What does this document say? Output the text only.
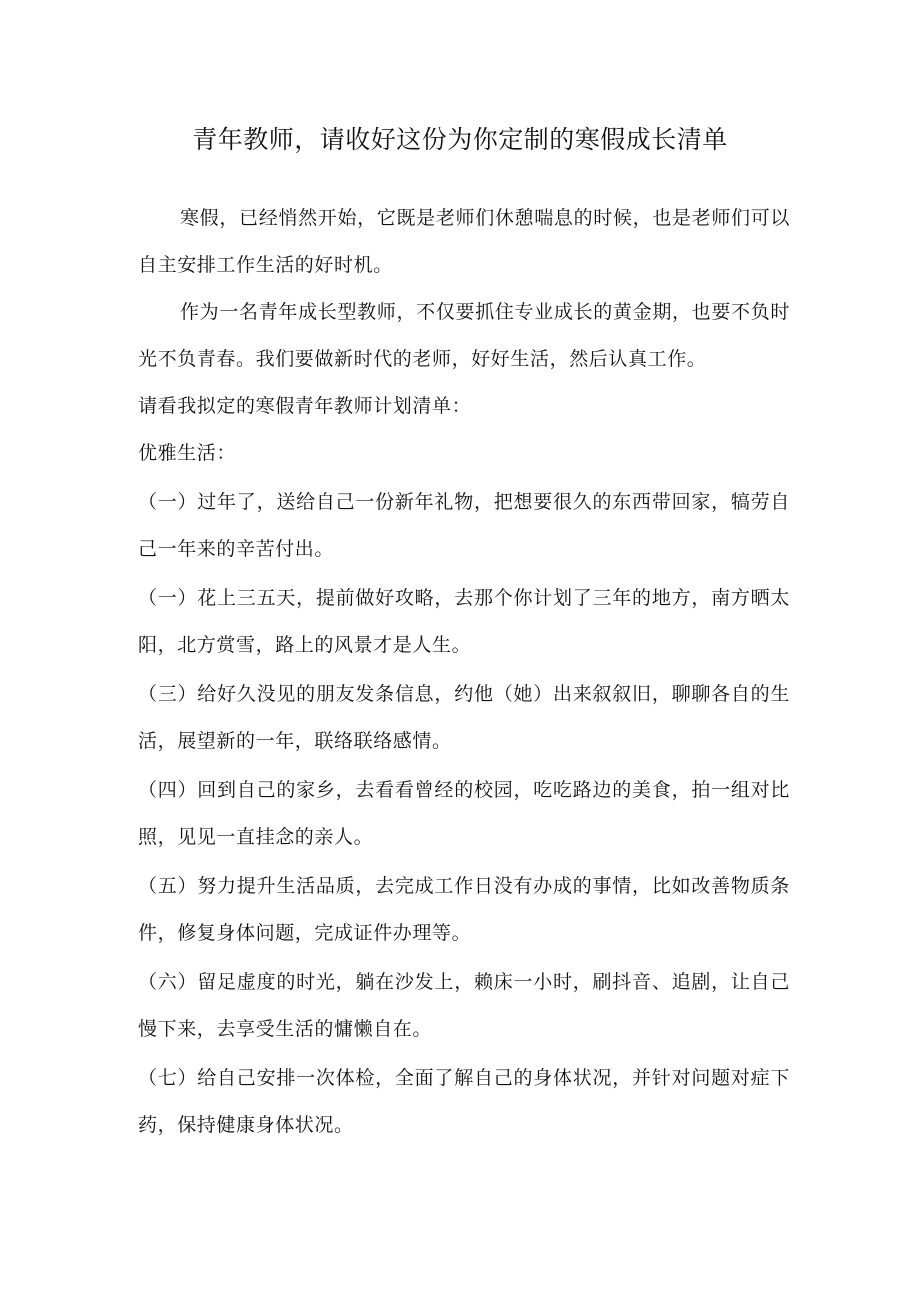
青年教师，请收好这份为你定制的寒假成长清单

寒假，已经悄然开始，它既是老师们休憩喘息的时候，也是老师们可以自主安排工作生活的好时机。

作为一名青年成长型教师，不仅要抓住专业成长的黄金期，也要不负时光不负青春。我们要做新时代的老师，好好生活，然后认真工作。

请看我拟定的寒假青年教师计划清单：

优雅生活：

（一）过年了，送给自己一份新年礼物，把想要很久的东西带回家，犒劳自己一年来的辛苦付出。

（一）花上三五天，提前做好攻略，去那个你计划了三年的地方，南方晒太阳，北方赏雪，路上的风景才是人生。

（三）给好久没见的朋友发条信息，约他（她）出来叙叙旧，聊聊各自的生活，展望新的一年，联络联络感情。

（四）回到自己的家乡，去看看曾经的校园，吃吃路边的美食，拍一组对比照，见见一直挂念的亲人。

（五）努力提升生活品质，去完成工作日没有办成的事情，比如改善物质条件，修复身体问题，完成证件办理等。

（六）留足虚度的时光，躺在沙发上，赖床一小时，刷抖音、追剧，让自己慢下来，去享受生活的慵懒自在。

（七）给自己安排一次体检，全面了解自己的身体状况，并针对问题对症下药，保持健康身体状况。
